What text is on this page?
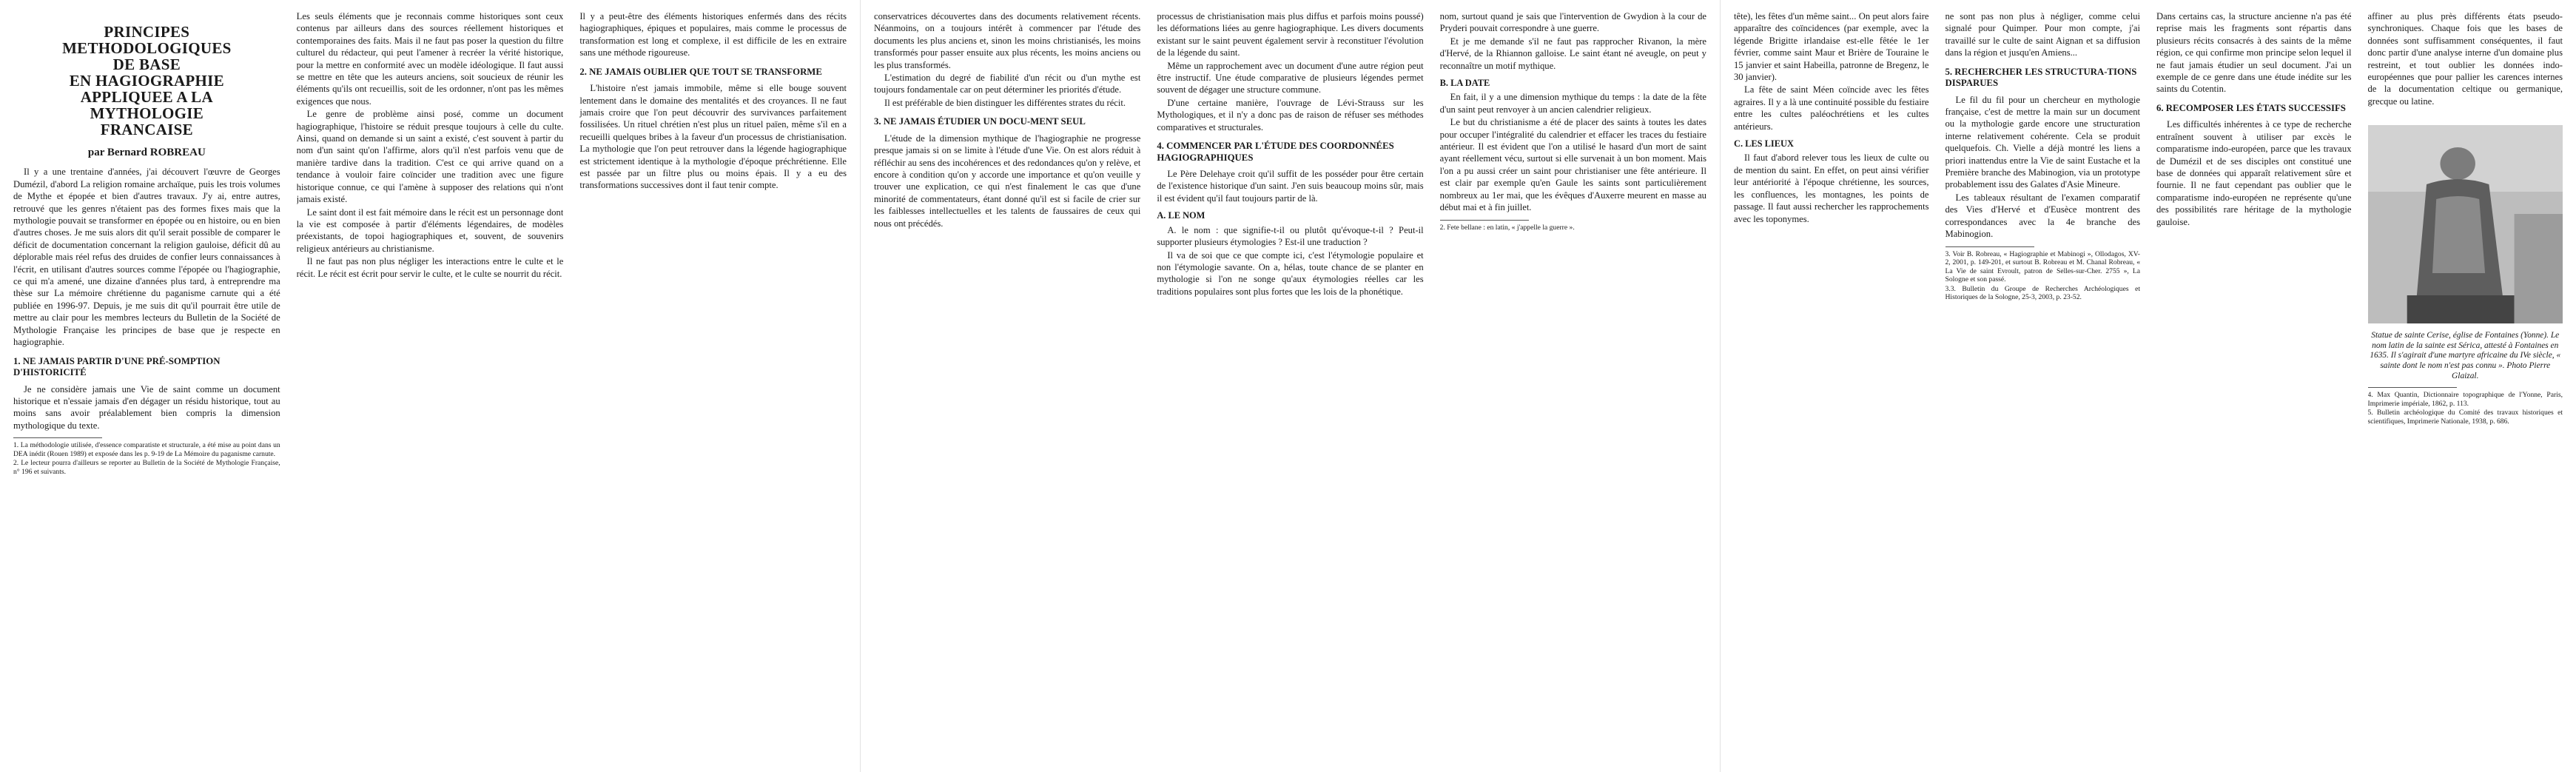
PRINCIPES
METHODOLOGIQUES
DE BASE
EN HAGIOGRAPHIE
APPLIQUEE A LA
MYTHOLOGIE
FRANCAISE
par Bernard ROBREAU

Il y a une trentaine d'années, j'ai découvert l'œuvre de Georges Dumézil, d'abord La religion romaine archaïque, puis les trois volumes de Mythe et épopée et bien d'autres travaux. J'y ai, entre autres, retrouvé que les genres n'étaient pas des formes fixes mais que la mythologie pouvait se transformer en épopée ou en histoire, ou en bien d'autres choses. Je me suis alors dit qu'il serait possible de comparer le déficit de documentation concernant la religion gauloise, déficit dû au déplorable mais réel refus des druides de confier leurs connaissances à l'écrit, en utilisant d'autres sources comme l'épopée ou l'hagiographie, ce qui m'a amené, une dizaine d'années plus tard, à entreprendre ma thèse sur La mémoire chrétienne du paganisme carnute qui a été publiée en 1996-97. Depuis, je me suis dit qu'il pourrait être utile de mettre au clair pour les membres lecteurs du Bulletin de la Société de Mythologie Française les principes de base que je respecte en hagiographie.

1. NE JAMAIS PARTIR D'UNE PRÉ-SOMPTION D'HISTORICITÉ

Je ne considère jamais une Vie de saint comme un document historique et n'essaie jamais d'en dégager un résidu historique, tout au moins sans avoir préalablement bien compris la dimension mythologique du texte.

1. La méthodologie utilisée, d'essence comparatiste et structurale, a été mise au point dans un DEA inédit (Rouen 1989) et exposée dans les p. 9-19 de La Mémoire du paganisme carnute.
2. Le lecteur pourra d'ailleurs se reporter au Bulletin de la Société de Mythologie Française, n° 196 et suivants.

Les seuls éléments que je reconnais comme historiques sont ceux contenus par ailleurs dans des sources réellement historiques et contemporaines des faits. Mais il ne faut pas poser la question du filtre culturel du rédacteur, qui peut l'amener à recréer la vérité historique, pour la mettre en conformité avec un modèle idéologique. Il faut aussi se mettre en tête que les auteurs anciens, soit soucieux de réunir les éléments qu'ils ont recueillis, soit de les ordonner, n'ont pas les mêmes exigences que nous.

Le genre de problème ainsi posé, comme un document hagiographique, l'histoire se réduit presque toujours à celle du culte. Ainsi, quand on demande si un saint a existé, c'est souvent à partir du nom d'un saint qu'on l'affirme, alors qu'il n'est parfois venu que de manière tardive dans la tradition. C'est ce qui arrive quand on a tendance à vouloir faire coïncider une tradition avec une figure historique connue, ce qui l'amène à supposer des relations qui n'ont jamais existé.

Le saint dont il est fait mémoire dans le récit est un personnage dont la vie est composée à partir d'éléments légendaires, de modèles préexistants, de topoi hagiographiques et, souvent, de souvenirs religieux antérieurs au christianisme.

Il ne faut pas non plus négliger les interactions entre le culte et le récit. Le récit est écrit pour servir le culte, et le culte se nourrit du récit.

Il y a peut-être des éléments historiques enfermés dans des récits hagiographiques, épiques et populaires, mais comme le processus de transformation est long et complexe, il est difficile de les en extraire sans une méthode rigoureuse.

2. NE JAMAIS OUBLIER QUE TOUT SE TRANSFORME

L'histoire n'est jamais immobile, même si elle bouge souvent lentement dans le domaine des mentalités et des croyances. Il ne faut jamais croire que l'on peut découvrir des survivances parfaitement fossilisées. Un rituel chrétien n'est plus un rituel païen, même s'il en a recueilli quelques bribes à la faveur d'un processus de christianisation. La mythologie que l'on peut retrouver dans la légende hagiographique est strictement identique à la mythologie d'époque préchrétienne. Elle est passée par un filtre plus ou moins épais. Il y a eu des transformations successives dont il faut tenir compte.

conservatrices découvertes dans des documents relativement récents. Néanmoins, on a toujours intérêt à commencer par l'étude des documents les plus anciens et, sinon les moins christianisés, les moins transformés pour passer ensuite aux plus récents, les moins anciens ou les plus transformés.

L'estimation du degré de fiabilité d'un récit ou d'un mythe est toujours fondamentale car on peut déterminer les priorités d'étude.

Il est préférable de bien distinguer les différentes strates du récit.

3. NE JAMAIS ÉTUDIER UN DOCU-MENT SEUL

L'étude de la dimension mythique de l'hagiographie ne progresse presque jamais si on se limite à l'étude d'une Vie. On est alors réduit à réfléchir au sens des incohérences et des redondances qu'on y relève, et encore à condition qu'on y accorde une importance et qu'on veuille y trouver une explication, ce qui n'est finalement le cas que d'une minorité de commentateurs, étant donné qu'il est si facile de crier sur les faiblesses intellectuelles et les talents de faussaires de ceux qui nous ont précédés.

processus de christianisation mais plus diffus et parfois moins poussé) les déformations liées au genre hagiographique. Les divers documents existant sur le saint peuvent également servir à reconstituer l'évolution de la légende du saint.

Même un rapprochement avec un document d'une autre région peut être instructif. Une étude comparative de plusieurs légendes permet souvent de dégager une structure commune.

D'une certaine manière, l'ouvrage de Lévi-Strauss sur les Mythologiques, et il n'y a donc pas de raison de réfuser ses méthodes comparatives et structurales.

4. COMMENCER PAR L'ÉTUDE DES COORDONNÉES HAGIOGRAPHIQUES

Le Père Delehaye croit qu'il suffit de les posséder pour être certain de l'existence historique d'un saint. J'en suis beaucoup moins sûr, mais il est évident qu'il faut toujours partir de là.

A. LE NOM

A. le nom : que signifie-t-il ou plutôt qu'évoque-t-il ? Peut-il supporter plusieurs étymologies ? Est-il une traduction ?

Il va de soi que ce que compte ici, c'est l'étymologie populaire et non l'étymologie savante. On a, hélas, toute chance de se planter en mythologie si l'on ne songe qu'aux étymologies réelles car les traditions populaires sont plus fortes que les lois de la phonétique.

nom, surtout quand je sais que l'intervention de Gwydion à la cour de Pryderi pouvait correspondre à une guerre.

Et je me demande s'il ne faut pas rapprocher Rivanon, la mère d'Hervé, de la Rhiannon galloise. Le saint étant né aveugle, on peut y reconnaître un motif mythique.

B. LA DATE

En fait, il y a une dimension mythique du temps : la date de la fête d'un saint peut renvoyer à un ancien calendrier religieux.

Le but du christianisme a été de placer des saints à toutes les dates pour occuper l'intégralité du calendrier et effacer les traces du festiaire antérieur. Il est évident que l'on a utilisé le hasard d'un mort de saint ayant réellement vécu, surtout si elle survenait à un bon moment. Mais l'on a pu aussi créer un saint pour christianiser une fête antérieure. Il est clair par exemple qu'en Gaule les saints sont particulièrement nombreux au 1er mai, que les évêques d'Auxerre meurent en masse au début mai et à fin juillet.

2. Fete bellane : en latin, « j'appelle la guerre ».

tête), les fêtes d'un même saint... On peut alors faire apparaître des coïncidences (par exemple, avec la légende Brigitte irlandaise est-elle fêtée le 1er février, comme saint Maur et Brière de Touraine le 15 janvier et saint Habeilla, patronne de Bregenz, le 30 janvier).

La fête de saint Méen coïncide avec les fêtes agraires. Il y a là une continuité possible du festiaire entre les cultes paléochrétiens et les cultes antérieurs.

C. LES LIEUX

Il faut d'abord relever tous les lieux de culte ou de mention du saint. En effet, on peut ainsi vérifier leur antériorité à l'époque chrétienne, les sources, les confluences, les montagnes, les points de passage. Il faut aussi rechercher les rapprochements avec les toponymes.

ne sont pas non plus à négliger, comme celui signalé pour Quimper. Pour mon compte, j'ai travaillé sur le culte de saint Aignan et sa diffusion dans la région et jusqu'en Amiens...

5. RECHERCHER LES STRUCTURA-TIONS DISPARUES

Le fil du fil pour un chercheur en mythologie française, c'est de mettre la main sur un document ou la mythologie garde encore une structuration interne relativement cohérente. Cela se produit quelquefois. Ch. Vielle a déjà montré les liens a priori inattendus entre la Vie de saint Eustache et la Première branche des Mabinogion, via un prototype probablement issu des Galates d'Asie Mineure.

Les tableaux résultant de l'examen comparatif des Vies d'Hervé et d'Eusèce montrent des correspondances avec la 4e branche des Mabinogion.

3. Voir B. Robreau, « Hagiographie et Mabinogi », Ollodagos, XV-2, 2001, p. 149-201, et surtout B. Robreau et M. Chanal Robreau, « La Vie de saint Evroult, patron de Selles-sur-Cher. 2755 », La Sologne et son passé.
3.3. Bulletin du Groupe de Recherches Archéologiques et Historiques de la Sologne, 25-3, 2003, p. 23-52.

Dans certains cas, la structure ancienne n'a pas été reprise mais les fragments sont répartis dans plusieurs récits consacrés à des saints de la même région, ce qui confirme mon principe selon lequel il ne faut jamais étudier un seul document. J'ai un exemple de ce genre dans une étude inédite sur les saints du Cotentin.

6. RECOMPOSER LES ÉTATS SUCCESSIFS

Les difficultés inhérentes à ce type de recherche entraînent souvent à utiliser par excès le comparatisme indo-européen, parce que les travaux de Dumézil et de ses disciples ont constitué une base de données qui apparaît relativement sûre et fournie. Il ne faut cependant pas oublier que le comparatisme indo-européen ne représente qu'une des possibilités rare héritage de la mythologie gauloise.

affiner au plus près différents états pseudo-synchroniques. Chaque fois que les bases de données sont suffisamment conséquentes, il faut donc partir d'une analyse interne d'un domaine plus restreint, et tout oublier les données indo-européennes que pour pallier les carences internes de la documentation celtique ou germanique, grecque ou latine.

Statue de sainte Cerise, église de Fontaines (Yonne). Le nom latin de la sainte est Sérica, attesté à Fontaines en 1635. Il s'agirait d'une martyre africaine du IVe siècle, « sainte dont le nom n'est pas connu ». Photo Pierre Glaizal.
4. Max Quantin, Dictionnaire topographique de l'Yonne, Paris, Imprimerie impériale, 1862, p. 113.
5. Bulletin archéologique du Comité des travaux historiques et scientifiques, Imprimerie Nationale, 1938, p. 686.
